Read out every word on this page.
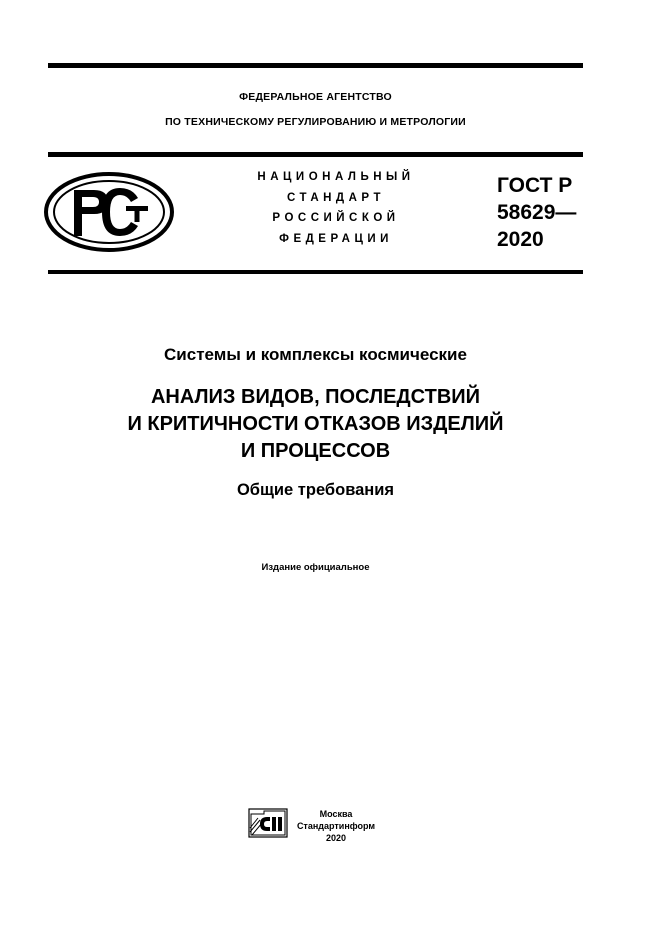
ФЕДЕРАЛЬНОЕ АГЕНТСТВО
ПО ТЕХНИЧЕСКОМУ РЕГУЛИРОВАНИЮ И МЕТРОЛОГИИ
НАЦИОНАЛЬНЫЙ
СТАНДАРТ
РОССИЙСКОЙ
ФЕДЕРАЦИИ
ГОСТ Р
58629—
2020
Системы и комплексы космические
АНАЛИЗ ВИДОВ, ПОСЛЕДСТВИЙ
И КРИТИЧНОСТИ ОТКАЗОВ ИЗДЕЛИЙ
И ПРОЦЕССОВ
Общие требования
Издание официальное
Москва
Стандартинформ
2020
